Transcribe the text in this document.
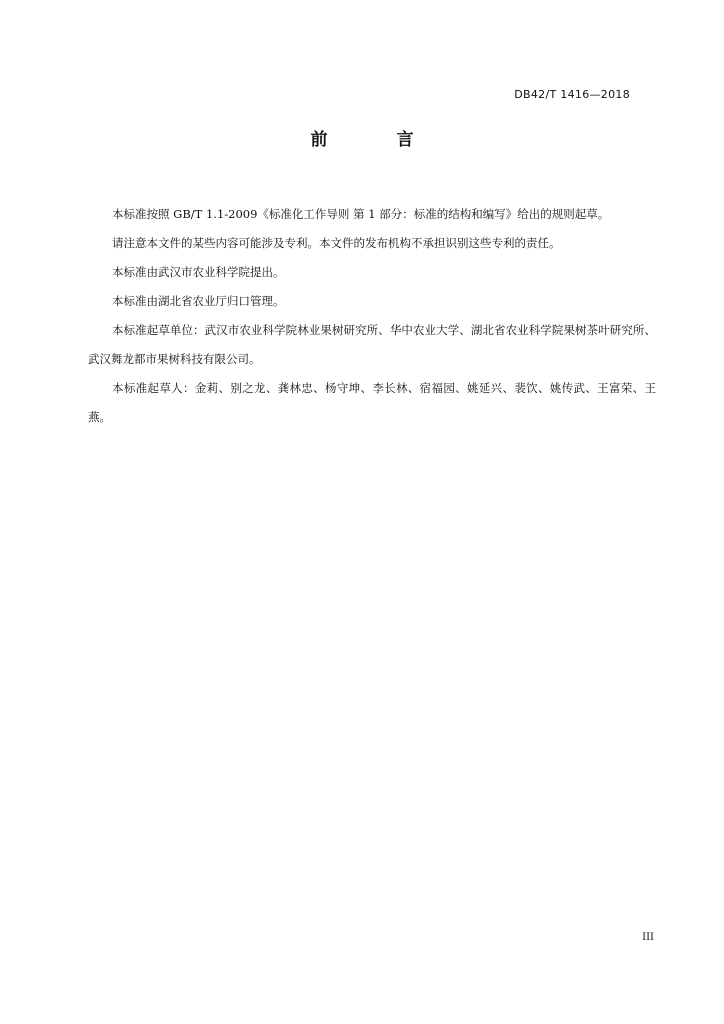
DB42/T 1416—2018
前　言

本标准按照 GB/T 1.1-2009《标准化工作导则 第 1 部分：标准的结构和编写》给出的规则起草。

请注意本文件的某些内容可能涉及专利。本文件的发布机构不承担识别这些专利的责任。

本标准由武汉市农业科学院提出。

本标准由湖北省农业厅归口管理。

本标准起草单位：武汉市农业科学院林业果树研究所、华中农业大学、湖北省农业科学院果树茶叶研究所、武汉舞龙都市果树科技有限公司。

本标准起草人：金莉、别之龙、龚林忠、杨守坤、李长林、宿福园、姚延兴、裴饮、姚传武、王富荣、王燕。

III
